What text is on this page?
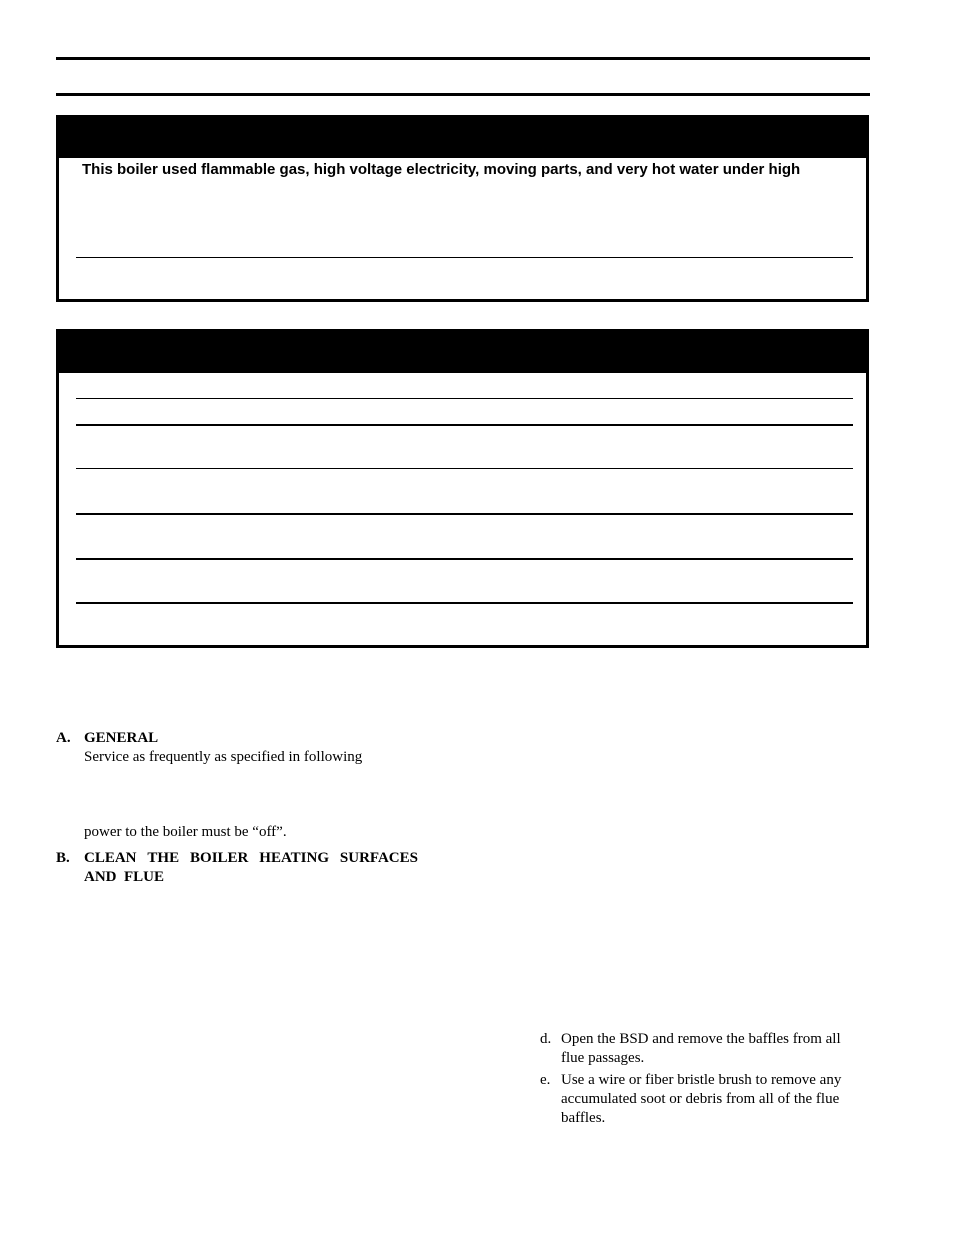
This boiler used flammable gas, high voltage electricity, moving parts, and very hot water under high
A. GENERAL
Service as frequently as specified in following
power to the boiler must be “off”.
B. CLEAN THE BOILER HEATING SURFACES
AND  FLUE
d. Open the BSD and remove the baffles from all
flue passages.
e. Use a wire or fiber bristle brush to remove any
accumulated soot or debris from all of the flue
baffles.
